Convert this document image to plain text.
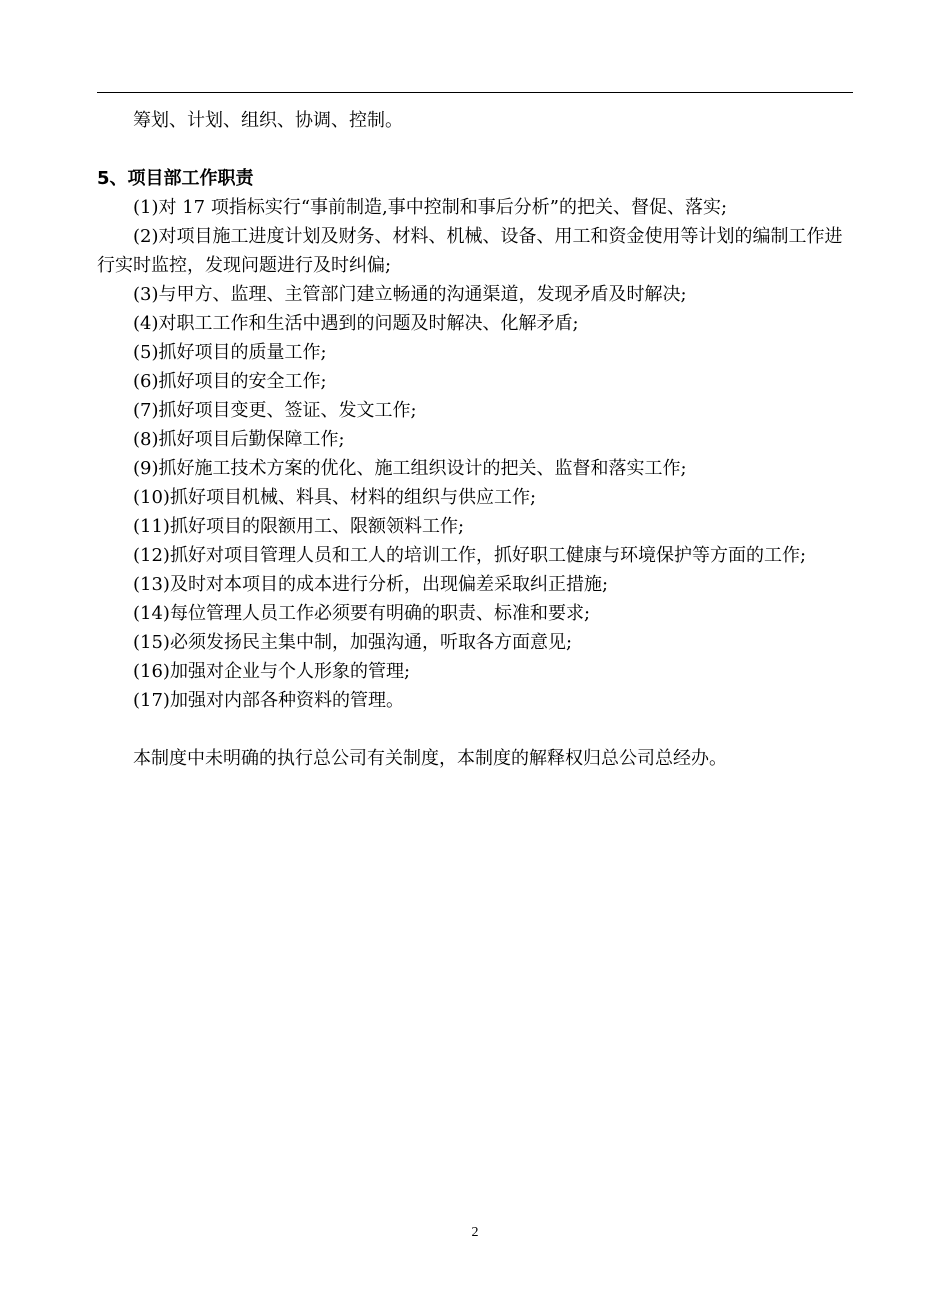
筹划、计划、组织、协调、控制。

5、项目部工作职责

(1)对 17 项指标实行“事前制造,事中控制和事后分析”的把关、督促、落实;
(2)对项目施工进度计划及财务、材料、机械、设备、用工和资金使用等计划的编制工作进行实时监控，发现问题进行及时纠偏;
(3)与甲方、监理、主管部门建立畅通的沟通渠道，发现矛盾及时解决;
(4)对职工工作和生活中遇到的问题及时解决、化解矛盾;
(5)抓好项目的质量工作;
(6)抓好项目的安全工作;
(7)抓好项目变更、签证、发文工作;
(8)抓好项目后勤保障工作;
(9)抓好施工技术方案的优化、施工组织设计的把关、监督和落实工作;
(10)抓好项目机械、料具、材料的组织与供应工作;
(11)抓好项目的限额用工、限额领料工作;
(12)抓好对项目管理人员和工人的培训工作，抓好职工健康与环境保护等方面的工作;
(13)及时对本项目的成本进行分析，出现偏差采取纠正措施;
(14)每位管理人员工作必须要有明确的职责、标准和要求;
(15)必须发扬民主集中制，加强沟通，听取各方面意见;
(16)加强对企业与个人形象的管理;
(17)加强对内部各种资料的管理。

本制度中未明确的执行总公司有关制度，本制度的解释权归总公司总经办。

2
